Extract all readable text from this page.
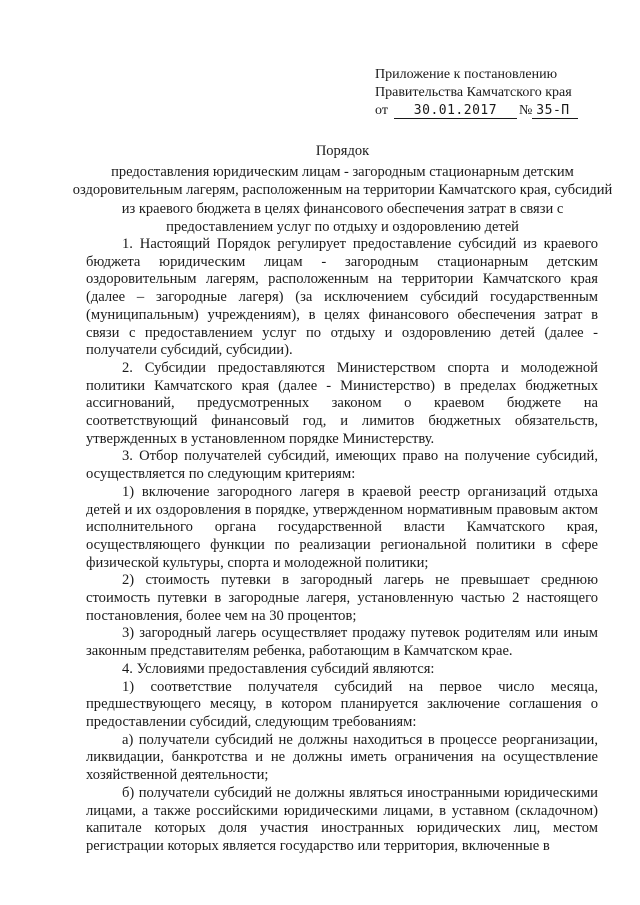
Приложение к постановлению
Правительства Камчатского края
от 30.01.2017 № 35-П
Порядок
предоставления юридическим лицам - загородным стационарным детским оздоровительным лагерям, расположенным на территории Камчатского края, субсидий из краевого бюджета в целях финансового обеспечения затрат в связи с предоставлением услуг по отдыху и оздоровлению детей

1. Настоящий Порядок регулирует предоставление субсидий из краевого бюджета юридическим лицам - загородным стационарным детским оздоровительным лагерям, расположенным на территории Камчатского края (далее – загородные лагеря) (за исключением субсидий государственным (муниципальным) учреждениям), в целях финансового обеспечения затрат в связи с предоставлением услуг по отдыху и оздоровлению детей (далее - получатели субсидий, субсидии).

2. Субсидии предоставляются Министерством спорта и молодежной политики Камчатского края (далее - Министерство) в пределах бюджетных ассигнований, предусмотренных законом о краевом бюджете на соответствующий финансовый год, и лимитов бюджетных обязательств, утвержденных в установленном порядке Министерству.

3. Отбор получателей субсидий, имеющих право на получение субсидий, осуществляется по следующим критериям:

1) включение загородного лагеря в краевой реестр организаций отдыха детей и их оздоровления в порядке, утвержденном нормативным правовым актом исполнительного органа государственной власти Камчатского края, осуществляющего функции по реализации региональной политики в сфере физической культуры, спорта и молодежной политики;

2) стоимость путевки в загородный лагерь не превышает среднюю стоимость путевки в загородные лагеря, установленную частью 2 настоящего постановления, более чем на 30 процентов;

3) загородный лагерь осуществляет продажу путевок родителям или иным законным представителям ребенка, работающим в Камчатском крае.

4. Условиями предоставления субсидий являются:

1) соответствие получателя субсидий на первое число месяца, предшествующего месяцу, в котором планируется заключение соглашения о предоставлении субсидий, следующим требованиям:

а) получатели субсидий не должны находиться в процессе реорганизации, ликвидации, банкротства и не должны иметь ограничения на осуществление хозяйственной деятельности;

б) получатели субсидий не должны являться иностранными юридическими лицами, а также российскими юридическими лицами, в уставном (складочном) капитале которых доля участия иностранных юридических лиц, местом регистрации которых является государство или территория, включенные в
